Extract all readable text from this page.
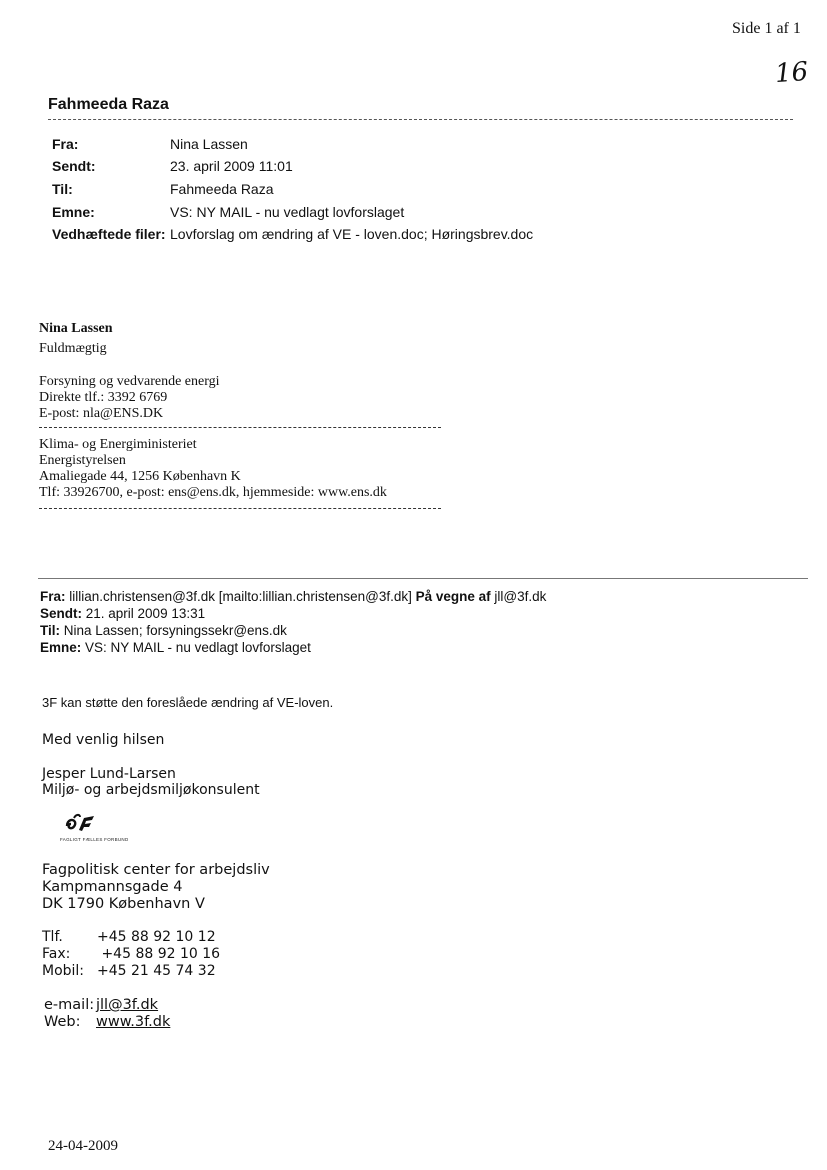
Side 1 af 1
16
Fahmeeda Raza
Fra:	Nina Lassen
Sendt:	23. april 2009 11:01
Til:	Fahmeeda Raza
Emne:	VS: NY MAIL - nu vedlagt lovforslaget
Vedhæftede filer: Lovforslag om ændring af VE - loven.doc; Høringsbrev.doc
Nina Lassen
Fuldmægtig
Forsyning og vedvarende energi
Direkte tlf.: 3392 6769
E-post: nla@ENS.DK
Klima- og Energiministeriet
Energistyrelsen
Amaliegade 44, 1256 København K
Tlf: 33926700, e-post: ens@ens.dk, hjemmeside: www.ens.dk
Fra: lillian.christensen@3f.dk [mailto:lillian.christensen@3f.dk] På vegne af jll@3f.dk
Sendt: 21. april 2009 13:31
Til: Nina Lassen; forsyningssekr@ens.dk
Emne: VS: NY MAIL - nu vedlagt lovforslaget
3F kan støtte den foreslåede ændring af VE-loven.
Med venlig hilsen
Jesper Lund-Larsen
Miljø- og arbejdsmiljøkonsulent
FAGLIGT FÆLLES FORBUND
Fagpolitisk center for arbejdsliv
Kampmannsgade 4
DK 1790 København V
Tlf. +45 88 92 10 12
Fax: +45 88 92 10 16
Mobil: +45 21 45 74 32
e-mail: jll@3f.dk
Web: www.3f.dk
24-04-2009
